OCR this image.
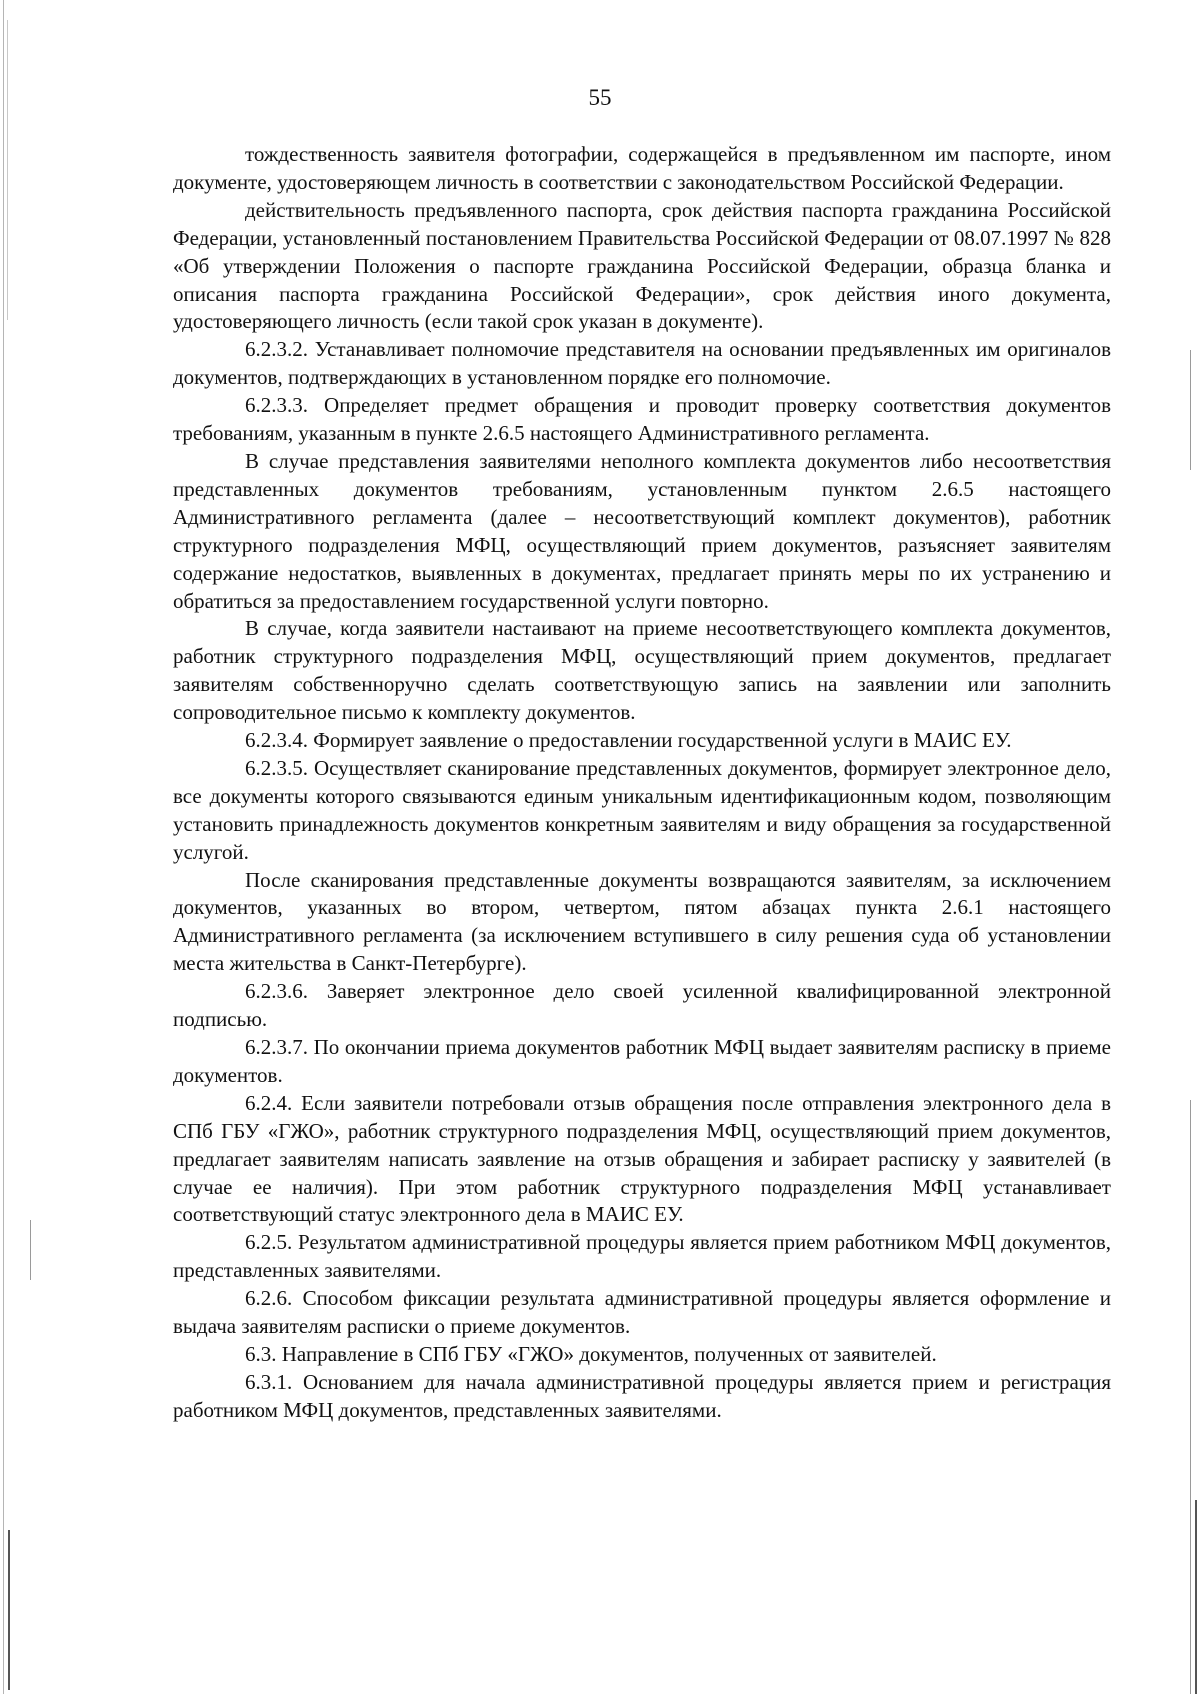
55

тождественность заявителя фотографии, содержащейся в предъявленном им паспорте, ином документе, удостоверяющем личность в соответствии с законодательством Российской Федерации.

действительность предъявленного паспорта, срок действия паспорта гражданина Российской Федерации, установленный постановлением Правительства Российской Федерации от 08.07.1997 № 828 «Об утверждении Положения о паспорте гражданина Российской Федерации, образца бланка и описания паспорта гражданина Российской Федерации», срок действия иного документа, удостоверяющего личность (если такой срок указан в документе).

6.2.3.2. Устанавливает полномочие представителя на основании предъявленных им оригиналов документов, подтверждающих в установленном порядке его полномочие.

6.2.3.3. Определяет предмет обращения и проводит проверку соответствия документов требованиям, указанным в пункте 2.6.5 настоящего Административного регламента.

В случае представления заявителями неполного комплекта документов либо несоответствия представленных документов требованиям, установленным пунктом 2.6.5 настоящего Административного регламента (далее – несоответствующий комплект документов), работник структурного подразделения МФЦ, осуществляющий прием документов, разъясняет заявителям содержание недостатков, выявленных в документах, предлагает принять меры по их устранению и обратиться за предоставлением государственной услуги повторно.

В случае, когда заявители настаивают на приеме несоответствующего комплекта документов, работник структурного подразделения МФЦ, осуществляющий прием документов, предлагает заявителям собственноручно сделать соответствующую запись на заявлении или заполнить сопроводительное письмо к комплекту документов.

6.2.3.4. Формирует заявление о предоставлении государственной услуги в МАИС ЕУ.

6.2.3.5. Осуществляет сканирование представленных документов, формирует электронное дело, все документы которого связываются единым уникальным идентификационным кодом, позволяющим установить принадлежность документов конкретным заявителям и виду обращения за государственной услугой.

После сканирования представленные документы возвращаются заявителям, за исключением документов, указанных во втором, четвертом, пятом абзацах пункта 2.6.1 настоящего Административного регламента (за исключением вступившего в силу решения суда об установлении места жительства в Санкт-Петербурге).

6.2.3.6. Заверяет электронное дело своей усиленной квалифицированной электронной подписью.

6.2.3.7. По окончании приема документов работник МФЦ выдает заявителям расписку в приеме документов.

6.2.4. Если заявители потребовали отзыв обращения после отправления электронного дела в СПб ГБУ «ГЖО», работник структурного подразделения МФЦ, осуществляющий прием документов, предлагает заявителям написать заявление на отзыв обращения и забирает расписку у заявителей (в случае ее наличия). При этом работник структурного подразделения МФЦ устанавливает соответствующий статус электронного дела в МАИС ЕУ.

6.2.5. Результатом административной процедуры является прием работником МФЦ документов, представленных заявителями.

6.2.6. Способом фиксации результата административной процедуры является оформление и выдача заявителям расписки о приеме документов.

6.3. Направление в СПб ГБУ «ГЖО» документов, полученных от заявителей.

6.3.1. Основанием для начала административной процедуры является прием и регистрация работником МФЦ документов, представленных заявителями.
